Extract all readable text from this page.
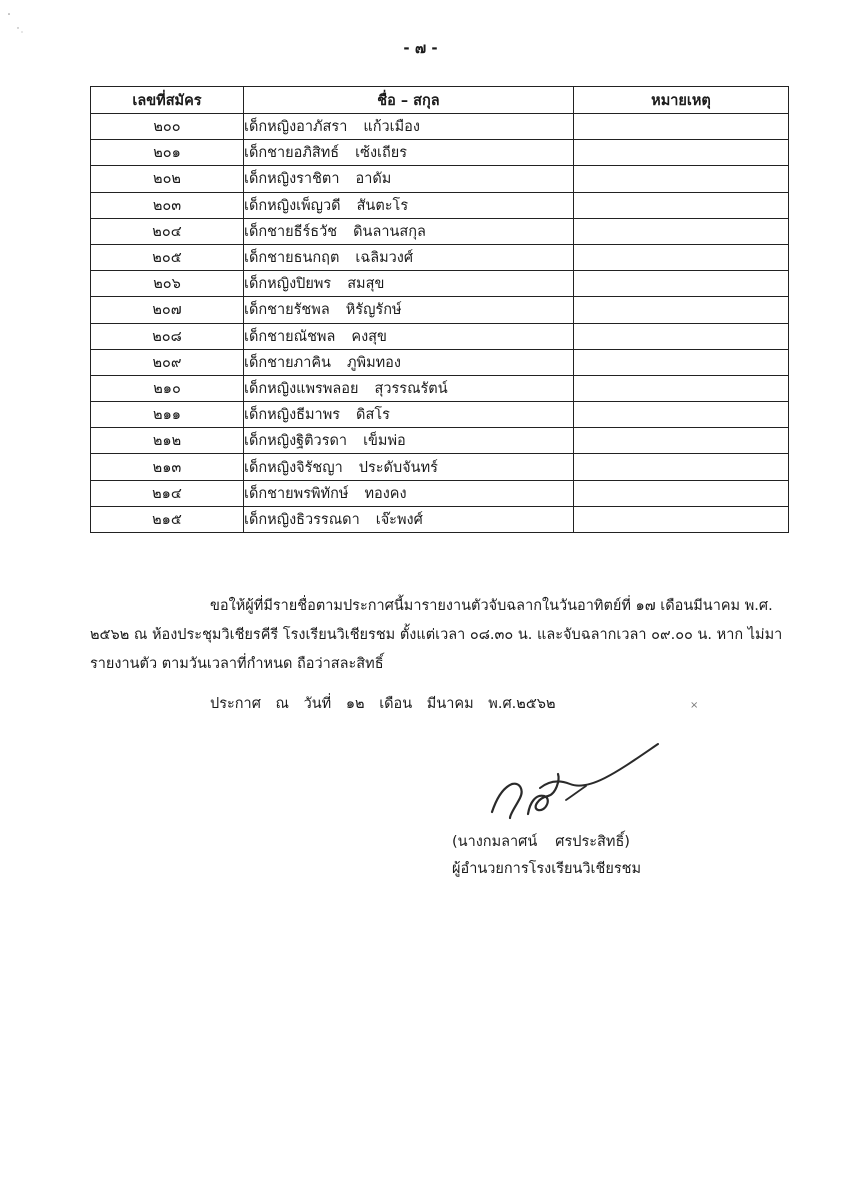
- ๗ -
เลขที่สมัคร	ชื่อ – สกุล	หมายเหตุ
๒๐๐	เด็กหญิงอาภัสรา แก้วเมือง	
๒๐๑	เด็กชายอภิสิทธ์ เซ้งเถียร	
๒๐๒	เด็กหญิงราชิตา อาดัม	
๒๐๓	เด็กหญิงเพ็ญวดี สันตะโร	
๒๐๔	เด็กชายธีร์ธวัช ดินลานสกุล	
๒๐๕	เด็กชายธนกฤต เฉลิมวงศ์	
๒๐๖	เด็กหญิงปิยพร สมสุข	
๒๐๗	เด็กชายรัชพล หิรัญรักษ์	
๒๐๘	เด็กชายณัชพล คงสุข	
๒๐๙	เด็กชายภาคิน ภูพิมทอง	
๒๑๐	เด็กหญิงแพรพลอย สุวรรณรัตน์	
๒๑๑	เด็กหญิงธีมาพร ดิสโร	
๒๑๒	เด็กหญิงฐิติวรดา เข็มพ่อ	
๒๑๓	เด็กหญิงจิรัชญา ประดับจันทร์	
๒๑๔	เด็กชายพรพิทักษ์ ทองคง	
๒๑๕	เด็กหญิงธิวรรณดา เจ๊ะพงศ์	

ขอให้ผู้ที่มีรายชื่อตามประกาศนี้มารายงานตัวจับฉลากในวันอาทิตย์ที่ ๑๗ เดือนมีนาคม พ.ศ. ๒๕๖๒ ณ ห้องประชุมวิเชียรคีรี โรงเรียนวิเชียรชม ตั้งแต่เวลา ๐๘.๓๐ น. และจับฉลากเวลา ๐๙.๐๐ น. หาก ไม่มารายงานตัว ตามวันเวลาที่กำหนด ถือว่าสละสิทธิ์

ประกาศ ณ วันที่ ๑๒ เดือน มีนาคม พ.ศ.๒๕๖๒	×
(นางกมลาศน์ ศรประสิทธิ์)
ผู้อำนวยการโรงเรียนวิเชียรชม
